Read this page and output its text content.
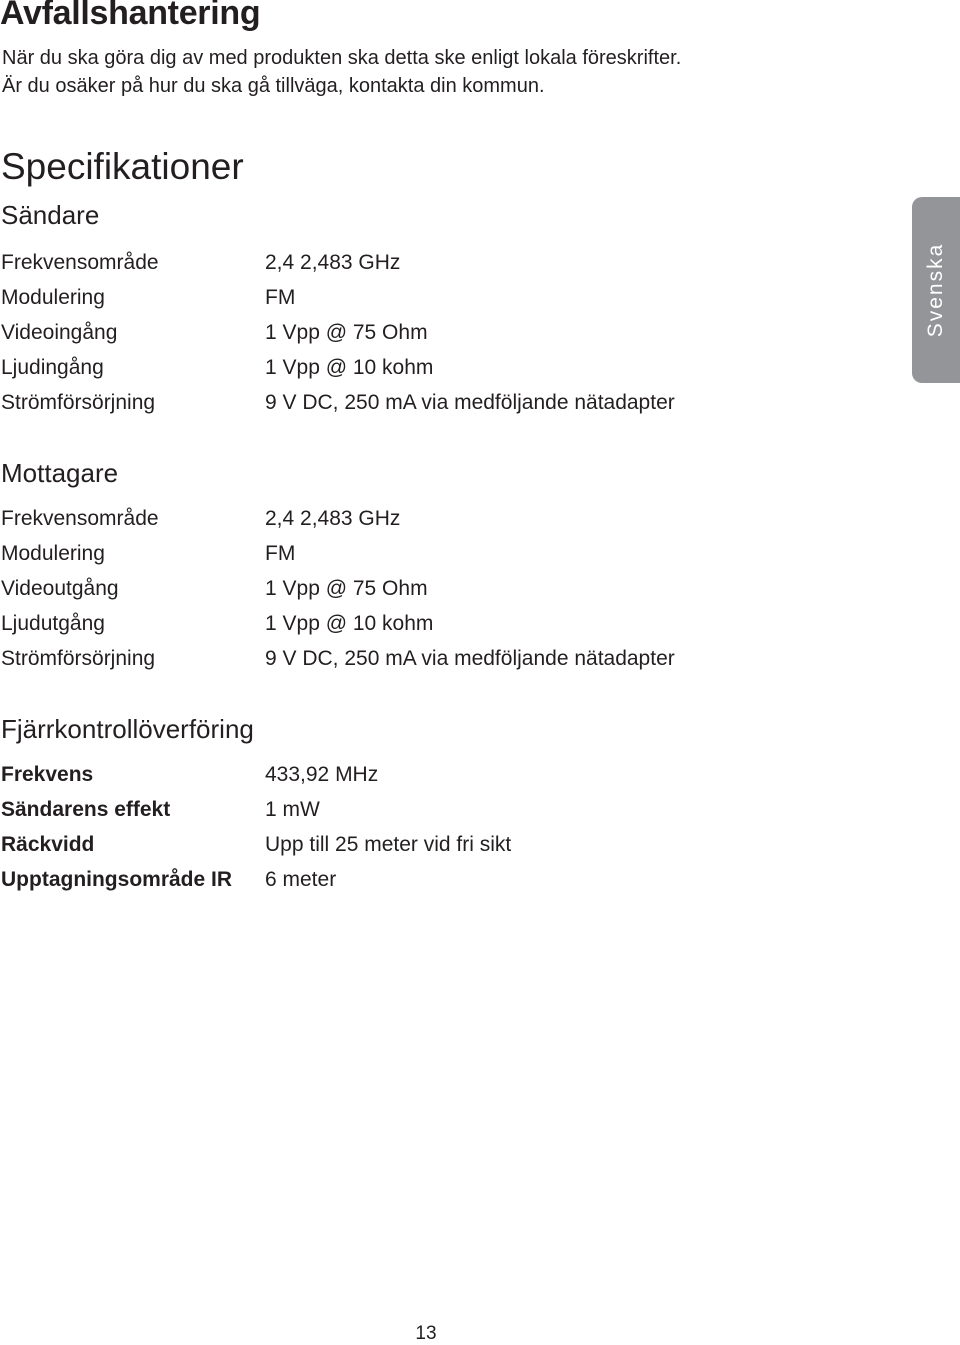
Avfallshantering
När du ska göra dig av med produkten ska detta ske enligt lokala föreskrifter.
Är du osäker på hur du ska gå tillväga, kontakta din kommun.
Specifikationer
Sändare
Frekvensområde	2,4 2,483 GHz
Modulering	FM
Videoingång	1 Vpp @ 75 Ohm
Ljudingång	1 Vpp @ 10 kohm
Strömförsörjning	9 V DC, 250 mA via medföljande nätadapter
Mottagare
Frekvensområde	2,4 2,483 GHz
Modulering	FM
Videoutgång	1 Vpp @ 75 Ohm
Ljudutgång	1 Vpp @ 10 kohm
Strömförsörjning	9 V DC, 250 mA via medföljande nätadapter
Fjärrkontrollöverföring
Frekvens	433,92 MHz
Sändarens effekt	1 mW
Räckvidd	Upp till 25 meter vid fri sikt
Upptagningsområde IR	6 meter
Svenska
13
